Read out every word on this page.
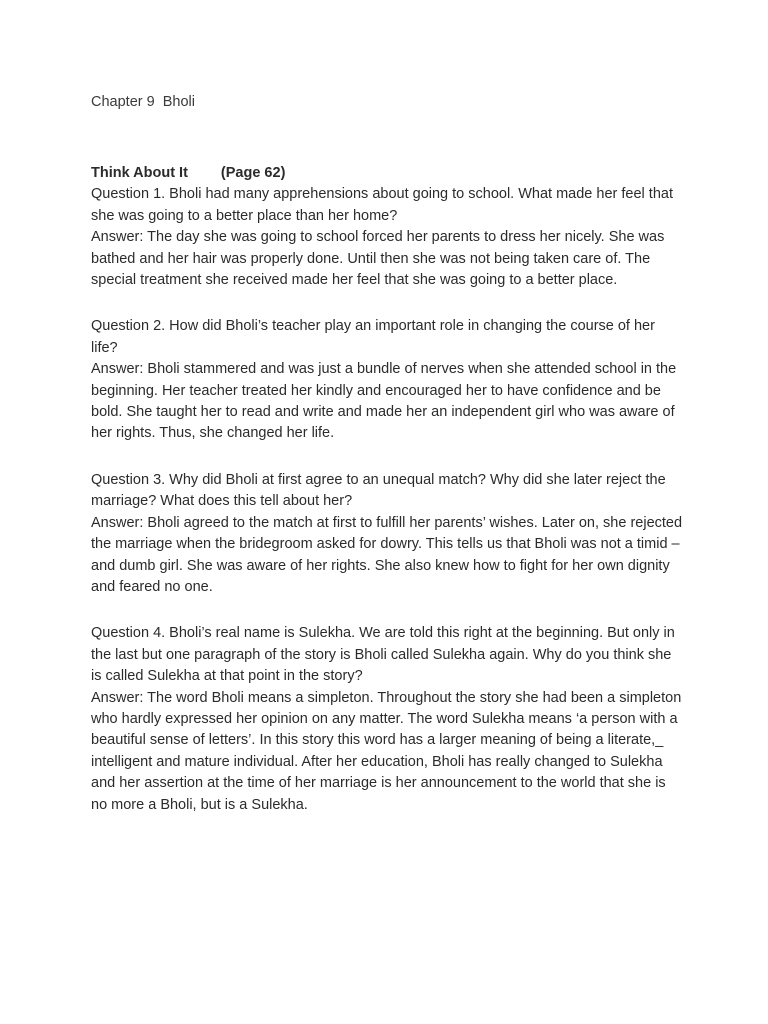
Chapter 9  Bholi

Think About It (Page 62)

Question 1. Bholi had many apprehensions about going to school. What made her feel that she was going to a better place than her home?

Answer: The day she was going to school forced her parents to dress her nicely. She was bathed and her hair was properly done. Until then she was not being taken care of. The special treatment she received made her feel that she was going to a better place.

Question 2. How did Bholi’s teacher play an important role in changing the course of her life?

Answer: Bholi stammered and was just a bundle of nerves when she attended school in the beginning. Her teacher treated her kindly and encouraged her to have confidence and be bold. She taught her to read and write and made her an independent girl who was aware of her rights. Thus, she changed her life.

Question 3. Why did Bholi at first agree to an unequal match? Why did she later reject the marriage? What does this tell about her?

Answer: Bholi agreed to the match at first to fulfill her parents’ wishes. Later on, she rejected the marriage when the bridegroom asked for dowry. This tells us that Bholi was not a timid – and dumb girl. She was aware of her rights. She also knew how to fight for her own dignity and feared no one.

Question 4. Bholi’s real name is Sulekha. We are told this right at the beginning. But only in the last but one paragraph of the story is Bholi called Sulekha again. Why do you think she is called Sulekha at that point in the story?

Answer: The word Bholi means a simpleton. Throughout the story she had been a simpleton who hardly expressed her opinion on any matter. The word Sulekha means ‘a person with a beautiful sense of letters’. In this story this word has a larger meaning of being a literate,_ intelligent and mature individual. After her education, Bholi has really changed to Sulekha and her assertion at the time of her marriage is her announcement to the world that she is no more a Bholi, but is a Sulekha.
